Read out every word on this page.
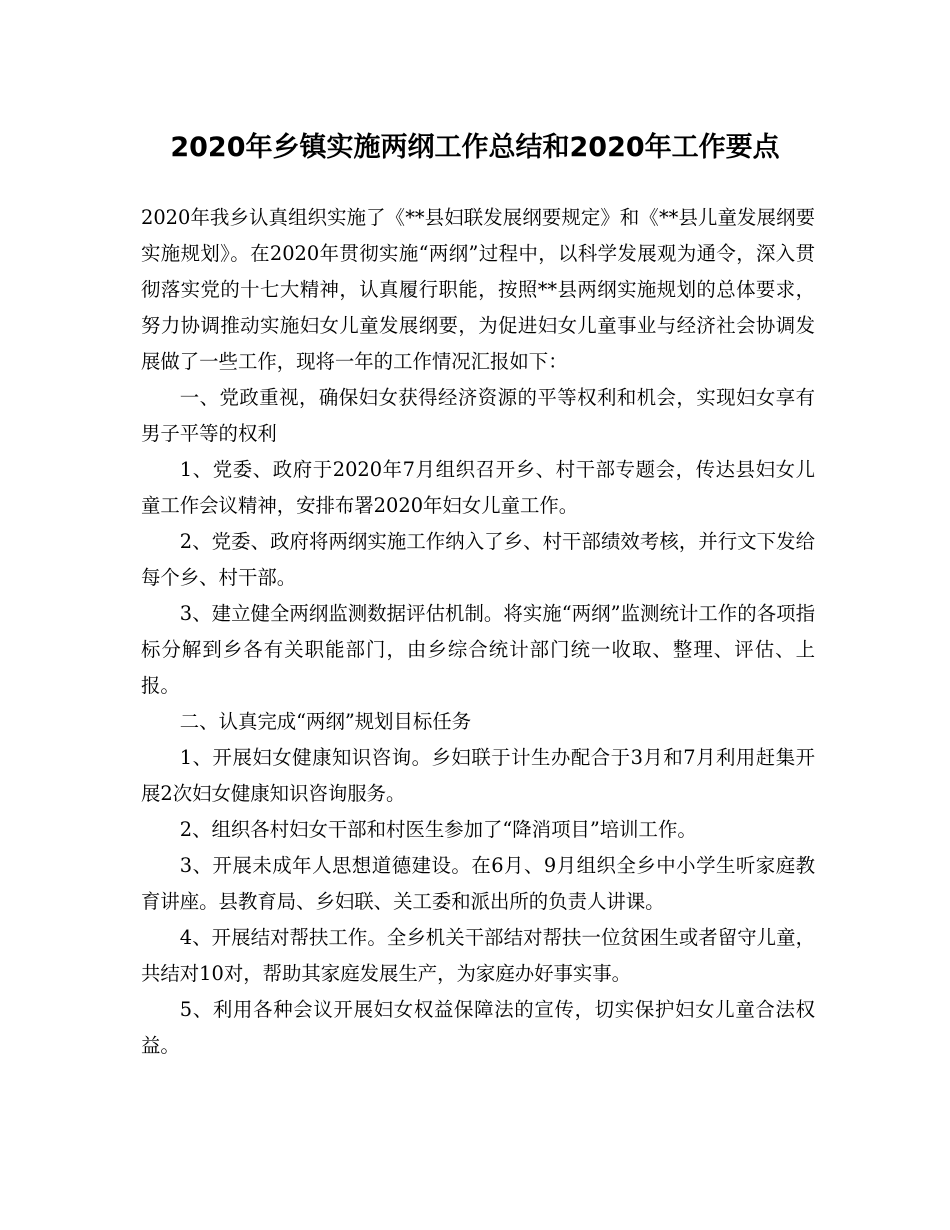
2020年乡镇实施两纲工作总结和2020年工作要点

2020年我乡认真组织实施了《**县妇联发展纲要规定》和《**县儿童发展纲要实施规划》。在2020年贯彻实施“两纲”过程中，以科学发展观为通令，深入贯彻落实党的十七大精神，认真履行职能，按照**县两纲实施规划的总体要求，努力协调推动实施妇女儿童发展纲要，为促进妇女儿童事业与经济社会协调发展做了一些工作，现将一年的工作情况汇报如下：

一、党政重视，确保妇女获得经济资源的平等权利和机会，实现妇女享有男子平等的权利

1、党委、政府于2020年7月组织召开乡、村干部专题会，传达县妇女儿童工作会议精神，安排布署2020年妇女儿童工作。

2、党委、政府将两纲实施工作纳入了乡、村干部绩效考核，并行文下发给每个乡、村干部。

3、建立健全两纲监测数据评估机制。将实施“两纲”监测统计工作的各项指标分解到乡各有关职能部门，由乡综合统计部门统一收取、整理、评估、上报。

二、认真完成“两纲”规划目标任务

1、开展妇女健康知识咨询。乡妇联于计生办配合于3月和7月利用赶集开展2次妇女健康知识咨询服务。

2、组织各村妇女干部和村医生参加了“降消项目”培训工作。

3、开展未成年人思想道德建设。在6月、9月组织全乡中小学生听家庭教育讲座。县教育局、乡妇联、关工委和派出所的负责人讲课。

4、开展结对帮扶工作。全乡机关干部结对帮扶一位贫困生或者留守儿童，共结对10对，帮助其家庭发展生产，为家庭办好事实事。

5、利用各种会议开展妇女权益保障法的宣传，切实保护妇女儿童合法权益。
